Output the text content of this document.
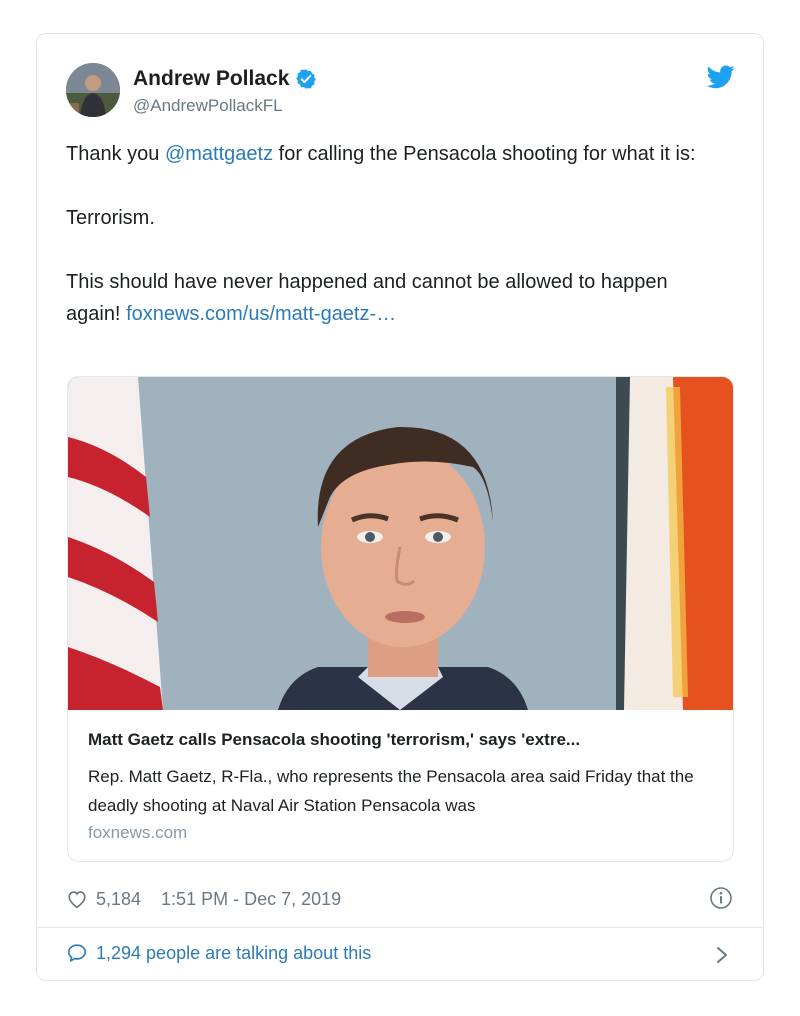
Andrew Pollack
@AndrewPollackFL

Thank you @mattgaetz for calling the Pensacola shooting for what it is:

Terrorism.

This should have never happened and cannot be allowed to happen again! foxnews.com/us/matt-gaetz-…

Matt Gaetz calls Pensacola shooting 'terrorism,' says 'extre...
Rep. Matt Gaetz, R-Fla., who represents the Pensacola area said Friday that the deadly shooting at Naval Air Station Pensacola was
foxnews.com
5,184 1:51 PM - Dec 7, 2019
1,294 people are talking about this
